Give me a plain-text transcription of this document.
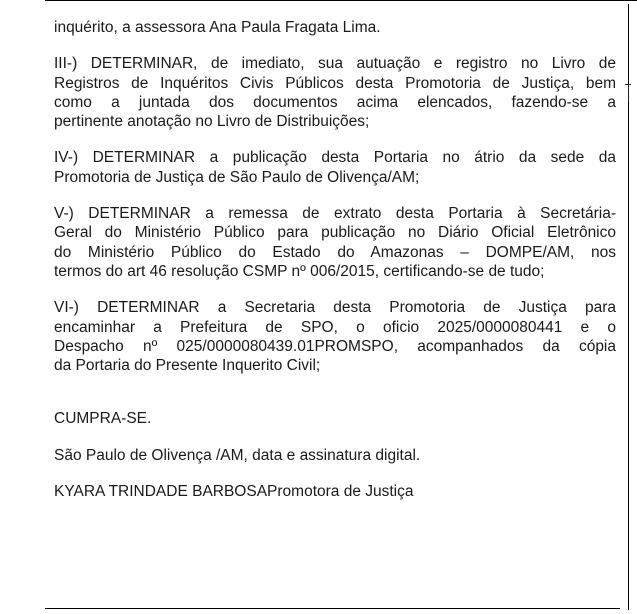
inquérito, a assessora Ana Paula Fragata Lima.

III-) DETERMINAR, de imediato, sua autuação e registro no Livro de
Registros de Inquéritos Civis Públicos desta Promotoria de Justiça, bem
como a juntada dos documentos acima elencados, fazendo-se a
pertinente anotação no Livro de Distribuições;

IV-) DETERMINAR a publicação desta Portaria no átrio da sede da
Promotoria de Justiça de São Paulo de Olivença/AM;

V-) DETERMINAR a remessa de extrato desta Portaria à Secretária-
Geral do Ministério Público para publicação no Diário Oficial Eletrônico
do Ministério Público do Estado do Amazonas – DOMPE/AM, nos
termos do art 46 resolução CSMP nº 006/2015, certificando-se de tudo;

VI-) DETERMINAR a Secretaria desta Promotoria de Justiça para
encaminhar a Prefeitura de SPO, o oficio 2025/0000080441 e o
Despacho nº 025/0000080439.01PROMSPO, acompanhados da cópia
da Portaria do Presente Inquerito Civil;

CUMPRA-SE.

São Paulo de Olivença /AM, data e assinatura digital.

KYARA TRINDADE BARBOSAPromotora de Justiça
